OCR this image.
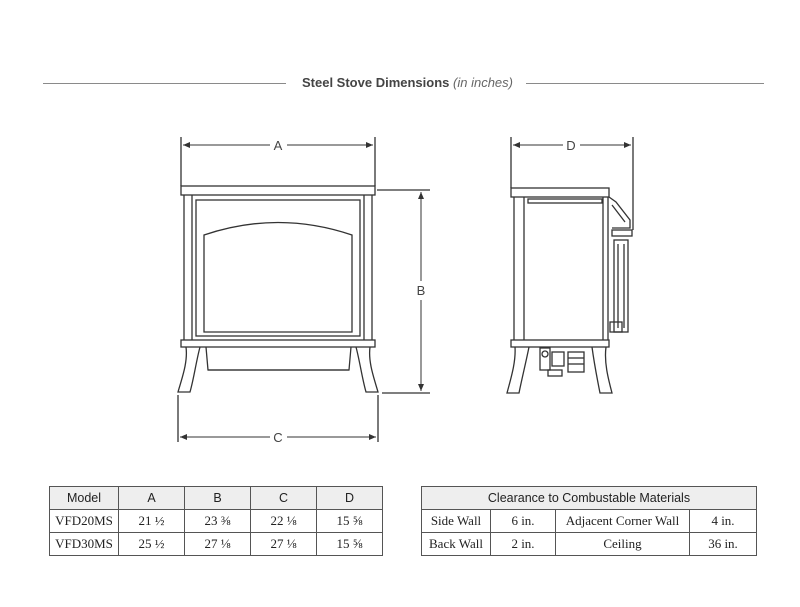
Steel Stove Dimensions (in inches)
A
B
C
D
Model	A	B	C	D
VFD20MS	21 ½	23 ⅜	22 ⅛	15 ⅝
VFD30MS	25 ½	27 ⅛	27 ⅛	15 ⅝
Clearance to Combustable Materials			
Side Wall	6 in.	Adjacent Corner Wall	4 in.
Back Wall	2 in.	Ceiling	36 in.
